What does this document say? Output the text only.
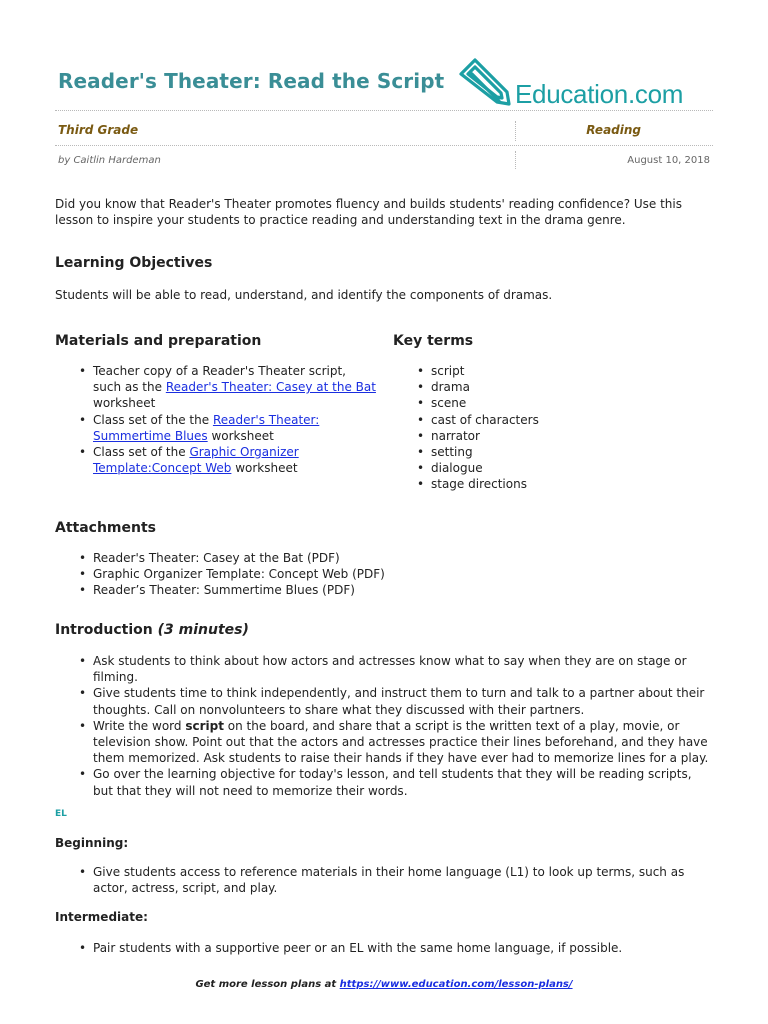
Reader's Theater: Read the Script	Education.com
Third Grade	Reading
by Caitlin Hardeman	August 10, 2018
Did you know that Reader's Theater promotes fluency and builds students' reading confidence? Use this lesson to inspire your students to practice reading and understanding text in the drama genre.
Learning Objectives
Students will be able to read, understand, and identify the components of dramas.
Materials and preparation
• Teacher copy of a Reader's Theater script, such as the Reader's Theater: Casey at the Bat worksheet
• Class set of the the Reader's Theater: Summertime Blues worksheet
• Class set of the Graphic Organizer Template:Concept Web worksheet
Key terms
• script
• drama
• scene
• cast of characters
• narrator
• setting
• dialogue
• stage directions
Attachments
• Reader's Theater: Casey at the Bat (PDF)
• Graphic Organizer Template: Concept Web (PDF)
• Reader’s Theater: Summertime Blues (PDF)
Introduction (3 minutes)
• Ask students to think about how actors and actresses know what to say when they are on stage or filming.
• Give students time to think independently, and instruct them to turn and talk to a partner about their thoughts. Call on nonvolunteers to share what they discussed with their partners.
• Write the word script on the board, and share that a script is the written text of a play, movie, or television show. Point out that the actors and actresses practice their lines beforehand, and they have them memorized. Ask students to raise their hands if they have ever had to memorize lines for a play.
• Go over the learning objective for today's lesson, and tell students that they will be reading scripts, but that they will not need to memorize their words.
EL
Beginning:
• Give students access to reference materials in their home language (L1) to look up terms, such as actor, actress, script, and play.
Intermediate:
• Pair students with a supportive peer or an EL with the same home language, if possible.
Get more lesson plans at https://www.education.com/lesson-plans/
